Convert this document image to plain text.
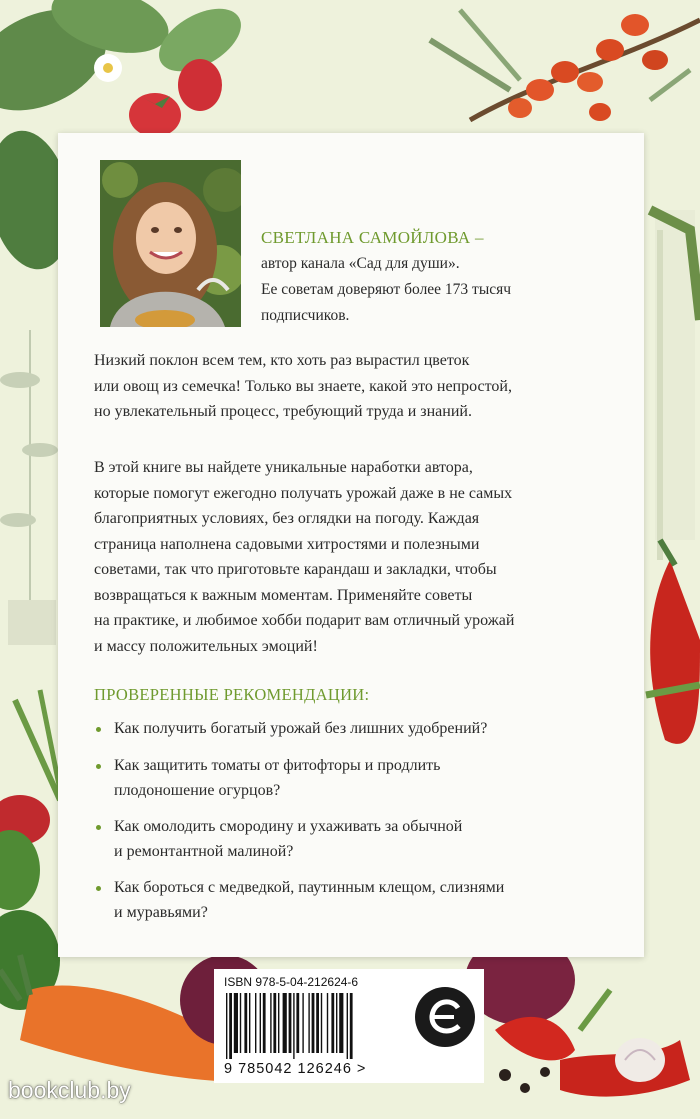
СВЕТЛАНА САМОЙЛОВА –
автор канала «Сад для души».
Ее советам доверяют более 173 тысяч
подписчиков.
Низкий поклон всем тем, кто хоть раз вырастил цветок
или овощ из семечка! Только вы знаете, какой это непростой,
но увлекательный процесс, требующий труда и знаний.
В этой книге вы найдете уникальные наработки автора,
которые помогут ежегодно получать урожай даже в не самых
благоприятных условиях, без оглядки на погоду. Каждая
страница наполнена садовыми хитростями и полезными
советами, так что приготовьте карандаш и закладки, чтобы
возвращаться к важным моментам. Применяйте советы
на практике, и любимое хобби подарит вам отличный урожай
и массу положительных эмоций!
ПРОВЕРЕННЫЕ РЕКОМЕНДАЦИИ:
Как получить богатый урожай без лишних удобрений?
Как защитить томаты от фитофторы и продлить
плодоношение огурцов?
Как омолодить смородину и ухаживать за обычной
и ремонтантной малиной?
Как бороться с медведкой, паутинным клещом, слизнями
и муравьями?
ISBN 978-5-04-212624-6
9 785042 126246 >
bookclub.by
